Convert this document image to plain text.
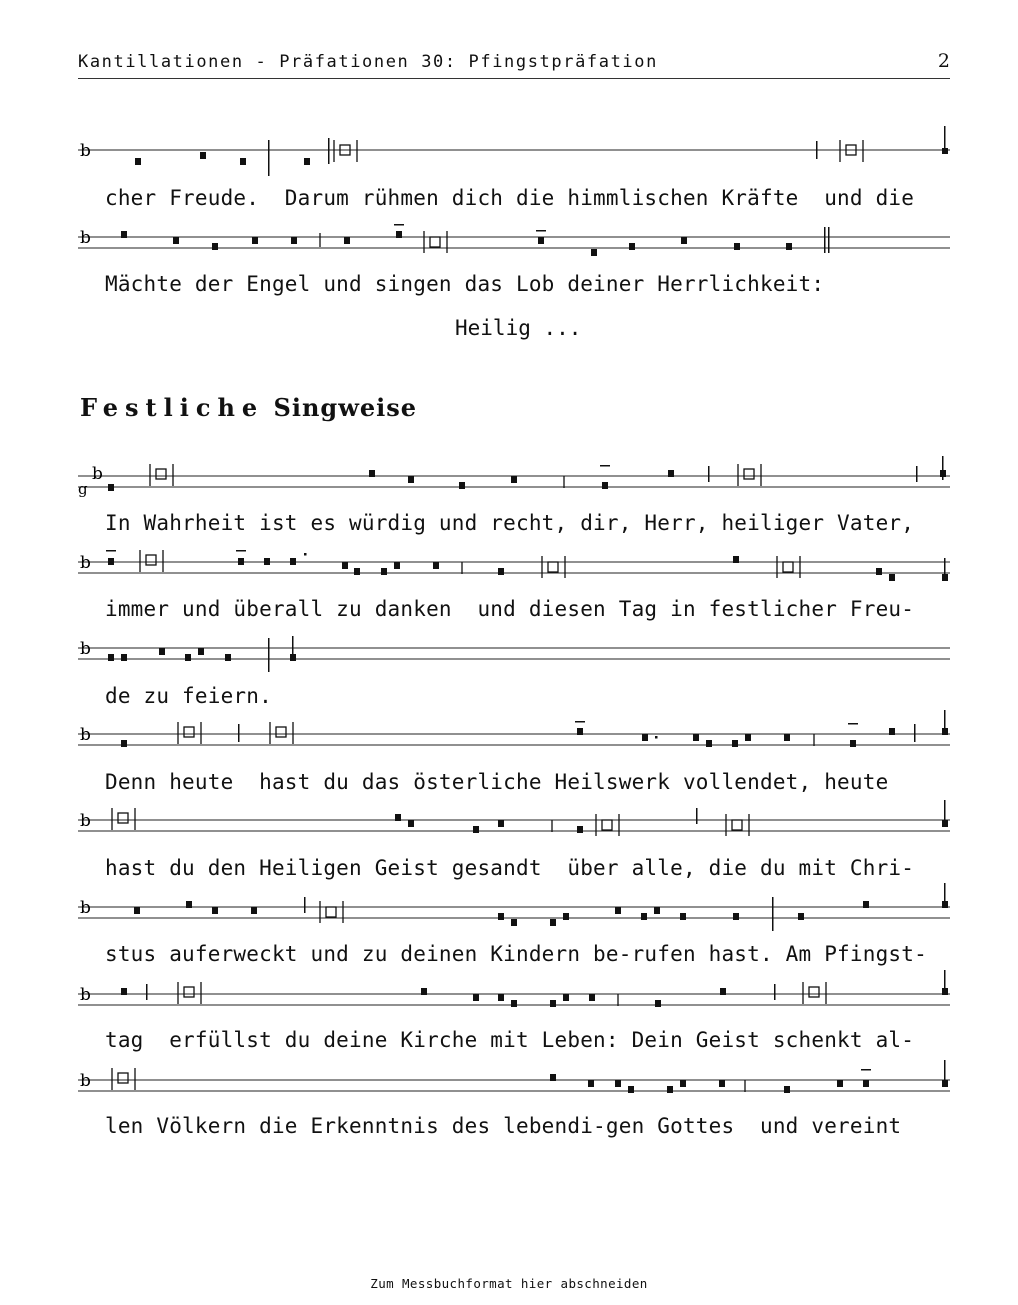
Kantillationen - Präfationen 30: Pfingstpräfation	2
b
cher Freude.  Darum rühmen dich die himmlischen Kräfte  und die
b
Mächte der Engel und singen das Lob deiner Herrlichkeit:
Heilig ...
Festliche Singweise
b
g
In Wahrheit ist es würdig und recht, dir, Herr, heiliger Vater,
b
immer und überall zu danken  und diesen Tag in festlicher Freu-
b
de zu feiern.
b
Denn heute  hast du das österliche Heilswerk vollendet, heute
b
hast du den Heiligen Geist gesandt  über alle, die du mit Chri-
b
stus auferweckt und zu deinen Kindern be-rufen hast. Am Pfingst-
b
tag  erfüllst du deine Kirche mit Leben: Dein Geist schenkt al-
b
len Völkern die Erkenntnis des lebendi-gen Gottes  und vereint
Zum Messbuchformat hier abschneiden
